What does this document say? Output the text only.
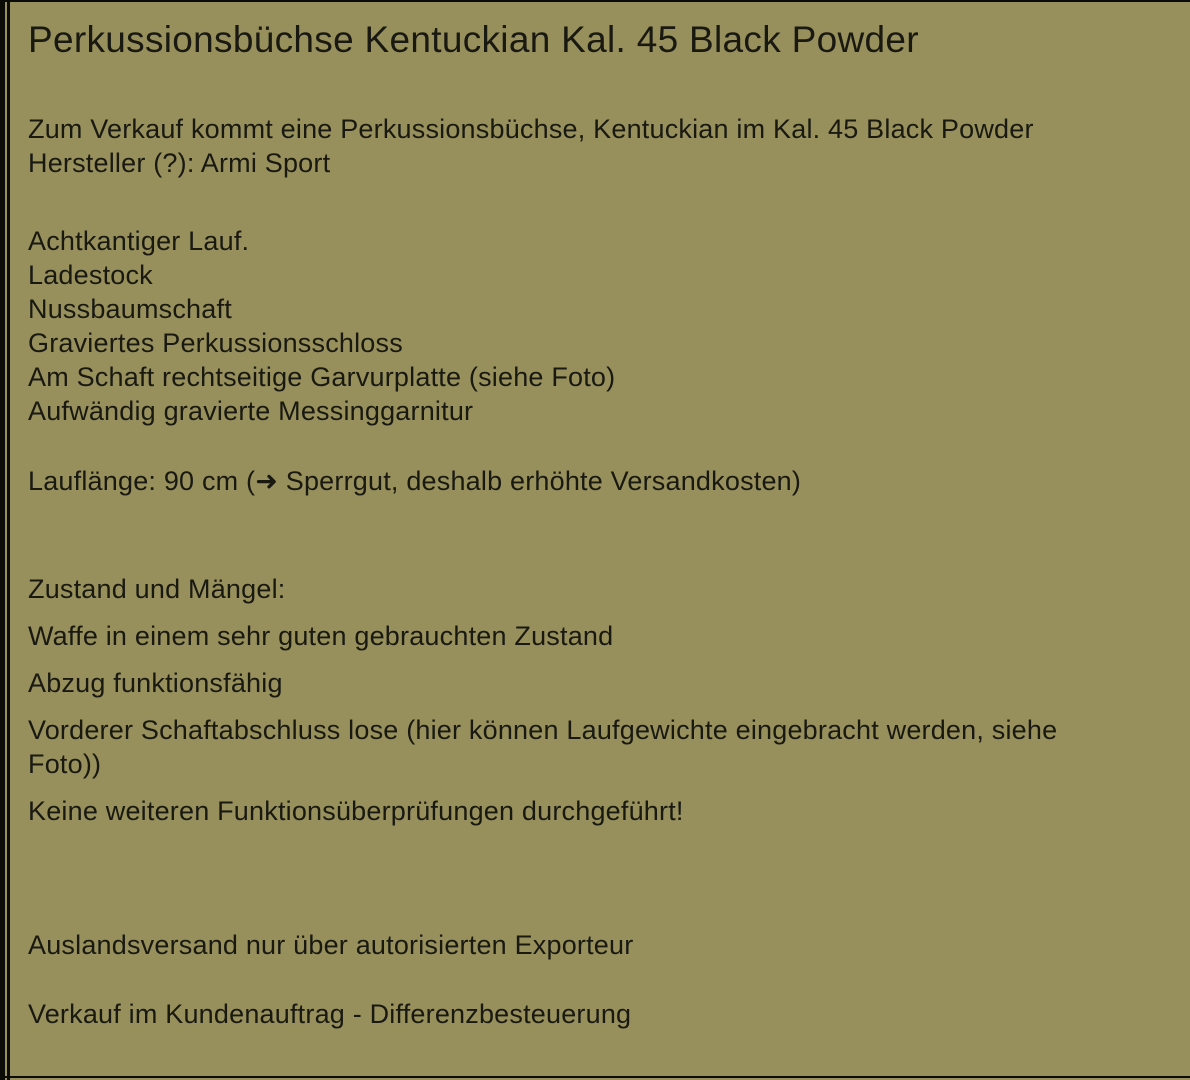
Perkussionsbüchse Kentuckian Kal. 45 Black Powder
Zum Verkauf kommt eine Perkussionsbüchse, Kentuckian im Kal. 45 Black Powder
Hersteller (?): Armi Sport
Achtkantiger Lauf.
Ladestock
Nussbaumschaft
Graviertes Perkussionsschloss
Am Schaft rechtseitige Garvurplatte (siehe Foto)
Aufwändig gravierte Messinggarnitur
Lauflänge: 90 cm (➜ Sperrgut, deshalb erhöhte Versandkosten)
Zustand und Mängel:

Waffe in einem sehr guten gebrauchten Zustand

Abzug funktionsfähig

Vorderer Schaftabschluss lose (hier können Laufgewichte eingebracht werden, siehe Foto))

Keine weiteren Funktionsüberprüfungen durchgeführt!

Auslandsversand nur über autorisierten Exporteur
Verkauf im Kundenauftrag - Differenzbesteuerung
